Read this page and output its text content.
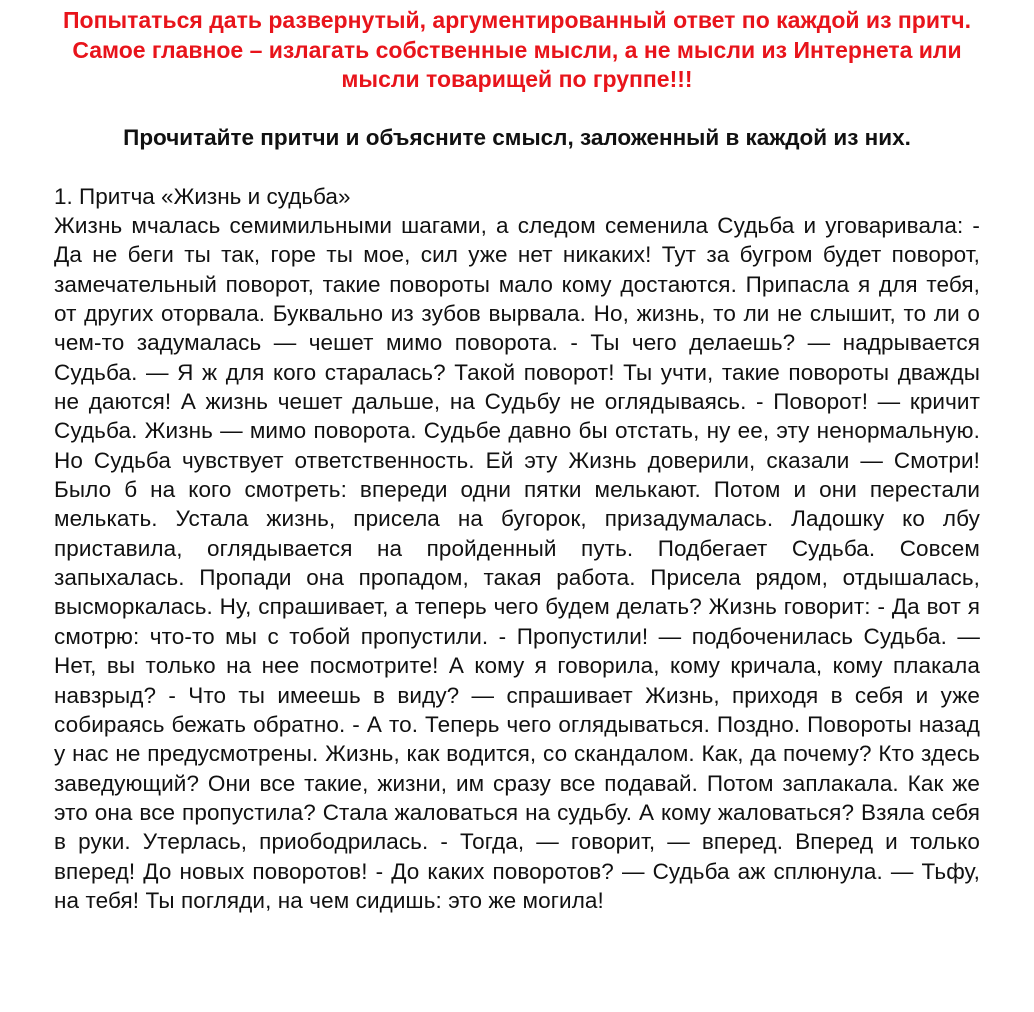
Попытаться дать развернутый, аргументированный ответ по каждой из притч. Самое главное – излагать собственные мысли, а не мысли из Интернета или мысли товарищей по группе!!!

Прочитайте притчи и объясните смысл, заложенный в каждой из них.

1. Притча «Жизнь и судьба»

Жизнь мчалась семимильными шагами, а следом семенила Судьба и уговаривала: - Да не беги ты так, горе ты мое, сил уже нет никаких! Тут за бугром будет поворот, замечательный поворот, такие повороты мало кому достаются. Припасла я для тебя, от других оторвала. Буквально из зубов вырвала. Но, жизнь, то ли не слышит, то ли о чем-то задумалась — чешет мимо поворота. - Ты чего делаешь? — надрывается Судьба. — Я ж для кого старалась? Такой поворот! Ты учти, такие повороты дважды не даются! А жизнь чешет дальше, на Судьбу не оглядываясь. - Поворот! — кричит Судьба. Жизнь — мимо поворота. Судьбе давно бы отстать, ну ее, эту ненормальную. Но Судьба чувствует ответственность. Ей эту Жизнь доверили, сказали — Смотри! Было б на кого смотреть: впереди одни пятки мелькают. Потом и они перестали мелькать. Устала жизнь, присела на бугорок, призадумалась. Ладошку ко лбу приставила, оглядывается на пройденный путь. Подбегает Судьба. Совсем запыхалась. Пропади она пропадом, такая работа. Присела рядом, отдышалась, высморкалась. Ну, спрашивает, а теперь чего будем делать? Жизнь говорит: - Да вот я смотрю: что-то мы с тобой пропустили. - Пропустили! — подбоченилась Судьба. — Нет, вы только на нее посмотрите! А кому я говорила, кому кричала, кому плакала навзрыд? - Что ты имеешь в виду? — спрашивает Жизнь, приходя в себя и уже собираясь бежать обратно. - А то. Теперь чего оглядываться. Поздно. Повороты назад у нас не предусмотрены. Жизнь, как водится, со скандалом. Как, да почему? Кто здесь заведующий? Они все такие, жизни, им сразу все подавай. Потом заплакала. Как же это она все пропустила? Стала жаловаться на судьбу. А кому жаловаться? Взяла себя в руки. Утерлась, приободрилась. - Тогда, — говорит, — вперед. Вперед и только вперед! До новых поворотов! - До каких поворотов? — Судьба аж сплюнула. — Тьфу, на тебя! Ты погляди, на чем сидишь: это же могила!
